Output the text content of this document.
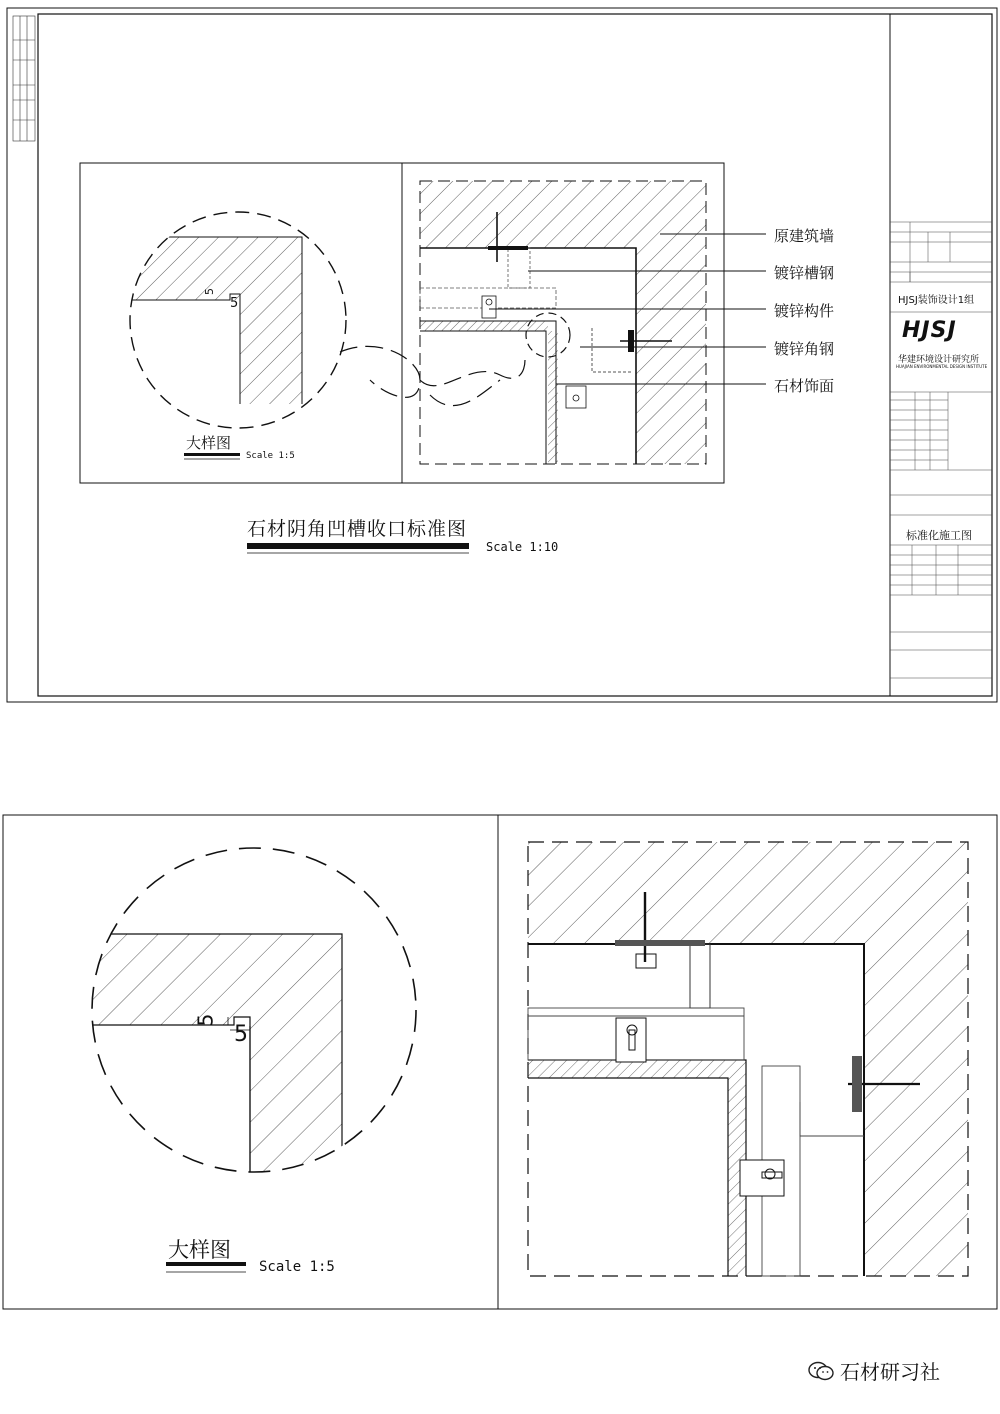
大样图
Scale 1:5
5
5
石材阴角凹槽收口标准图
Scale 1:10
原建筑墙
镀锌槽钢
镀锌构件
镀锌角钢
石材饰面
HJSJ装饰设计1组
HJSJ
华建环境设计研究所
HUAJIAN ENVIRONMENTAL DESIGN INSTITUTE
标准化施工图
大样图
Scale 1:5
5
5
石材研习社
